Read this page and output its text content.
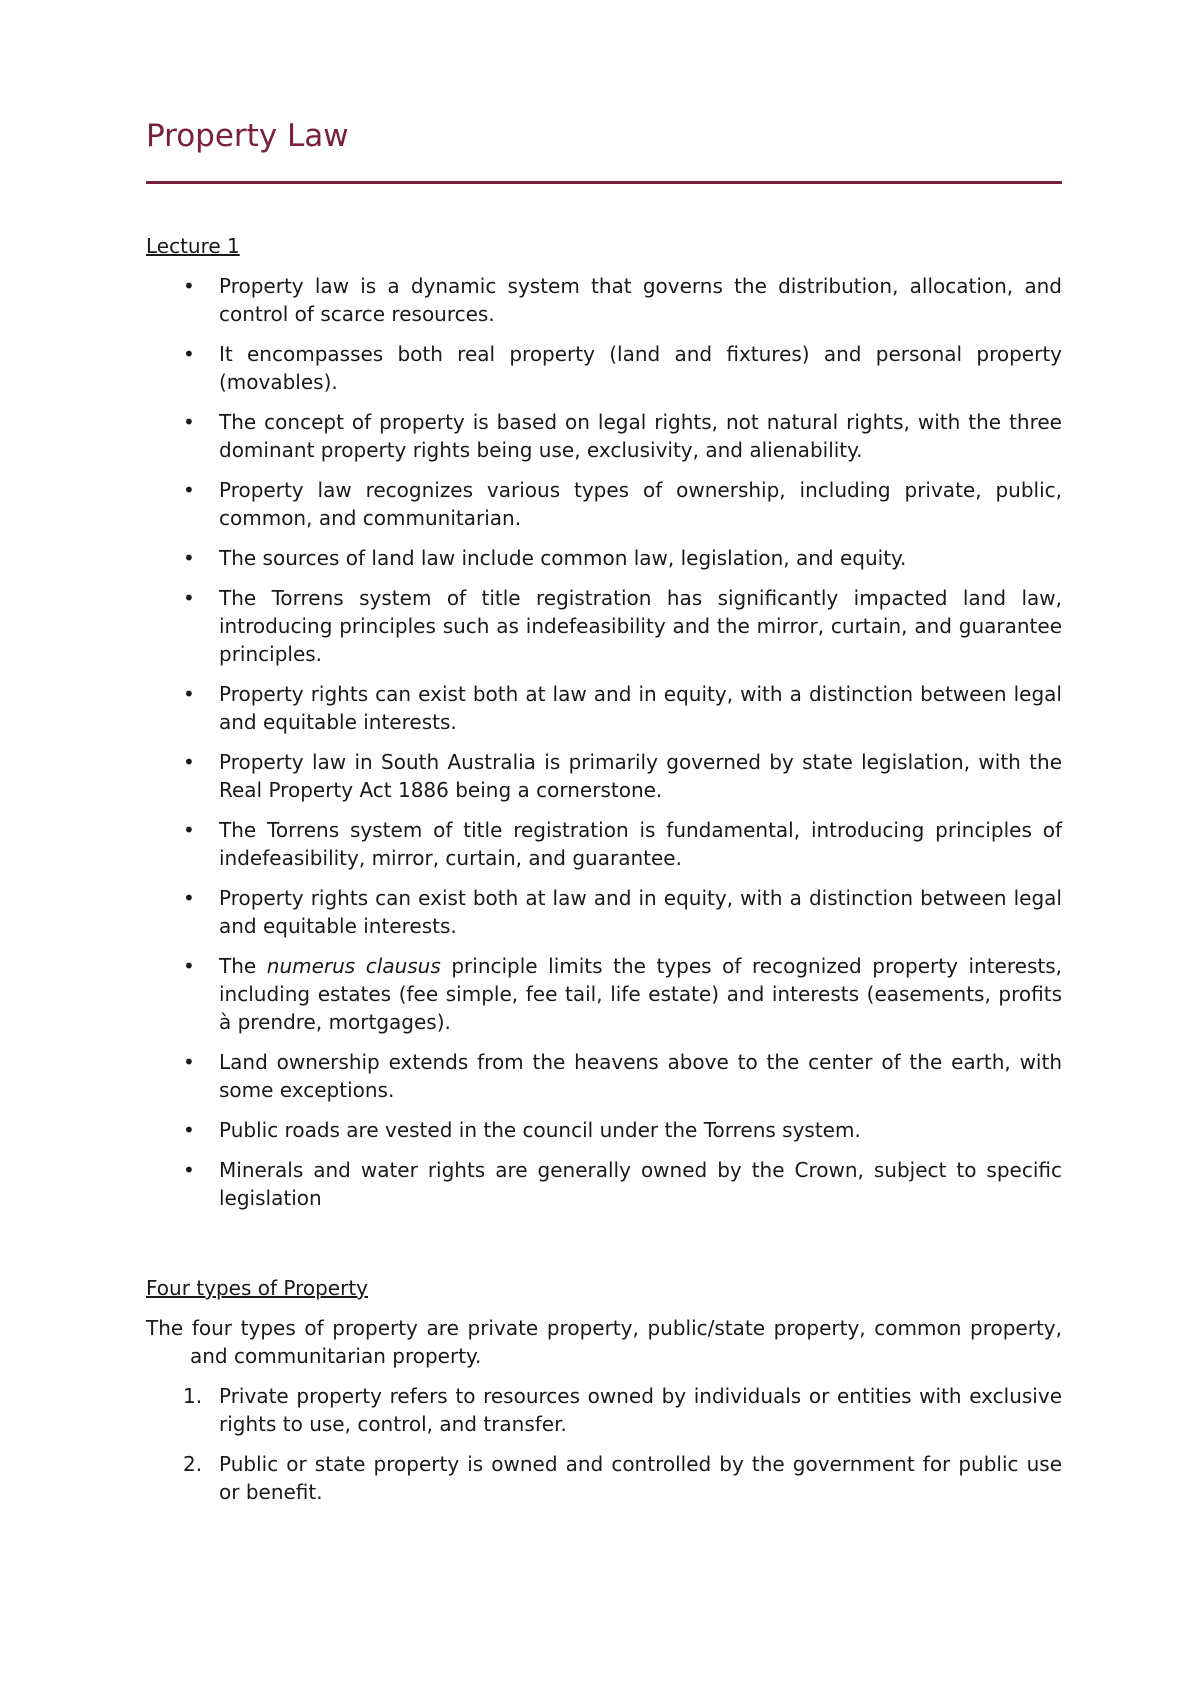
Property Law

Lecture 1

• Property law is a dynamic system that governs the distribution, allocation, and control of scarce resources.
• It encompasses both real property (land and fixtures) and personal property (movables).
• The concept of property is based on legal rights, not natural rights, with the three dominant property rights being use, exclusivity, and alienability.
• Property law recognizes various types of ownership, including private, public, common, and communitarian.
• The sources of land law include common law, legislation, and equity.
• The Torrens system of title registration has significantly impacted land law, introducing principles such as indefeasibility and the mirror, curtain, and guarantee principles.
• Property rights can exist both at law and in equity, with a distinction between legal and equitable interests.
• Property law in South Australia is primarily governed by state legislation, with the Real Property Act 1886 being a cornerstone.
• The Torrens system of title registration is fundamental, introducing principles of indefeasibility, mirror, curtain, and guarantee.
• Property rights can exist both at law and in equity, with a distinction between legal and equitable interests.
• The numerus clausus principle limits the types of recognized property interests, including estates (fee simple, fee tail, life estate) and interests (easements, profits à prendre, mortgages).
• Land ownership extends from the heavens above to the center of the earth, with some exceptions.
• Public roads are vested in the council under the Torrens system.
• Minerals and water rights are generally owned by the Crown, subject to specific legislation

Four types of Property

The four types of property are private property, public/state property, common property, and communitarian property.

1. Private property refers to resources owned by individuals or entities with exclusive rights to use, control, and transfer.
2. Public or state property is owned and controlled by the government for public use or benefit.
